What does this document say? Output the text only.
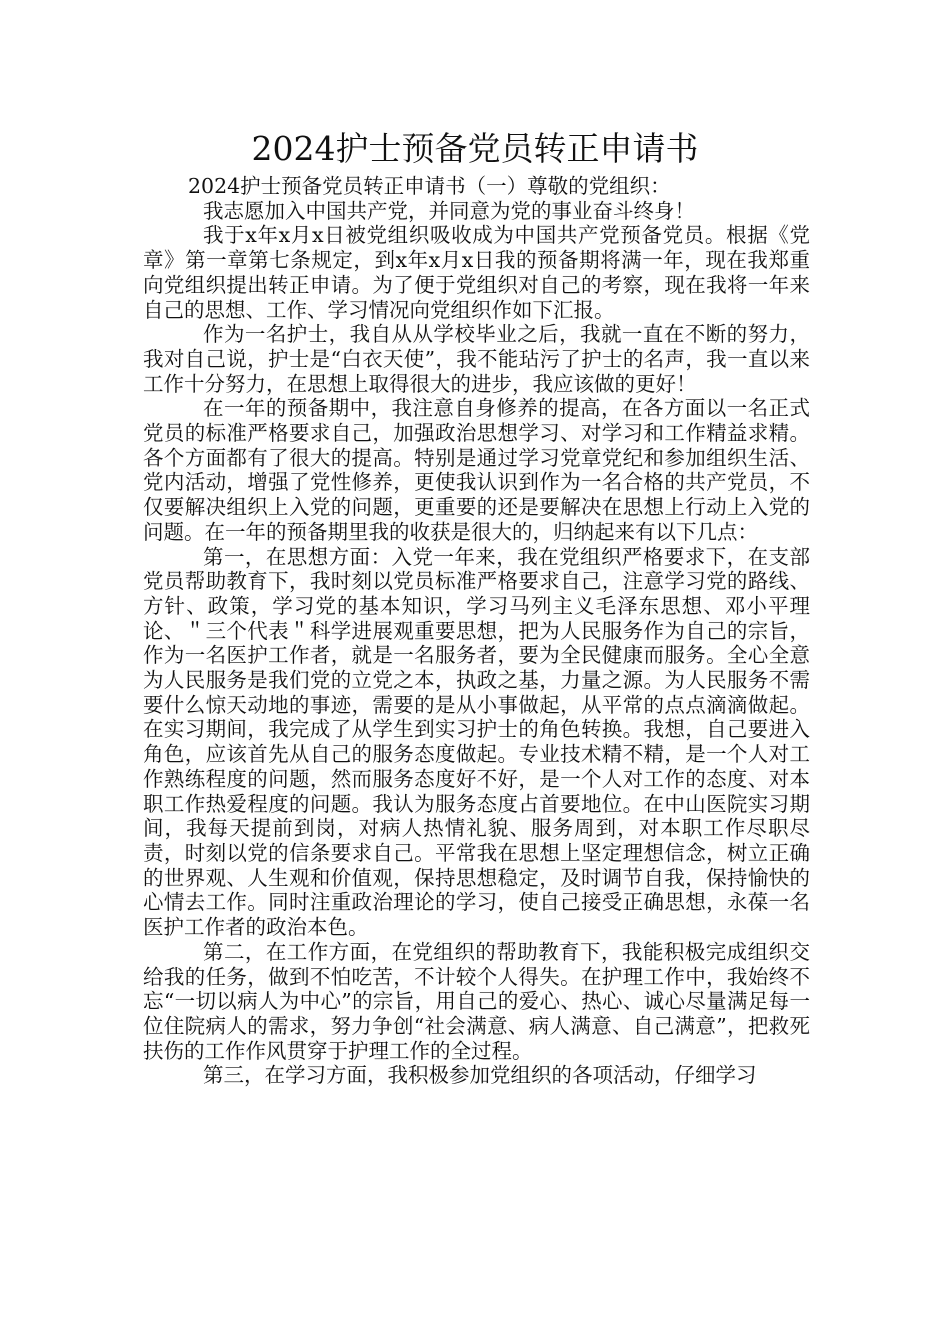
2024护士预备党员转正申请书

2024护士预备党员转正申请书（一）尊敬的党组织：

我志愿加入中国共产党，并同意为党的事业奋斗终身！

我于x年x月x日被党组织吸收成为中国共产党预备党员。根据《党章》第一章第七条规定，到x年x月x日我的预备期将满一年，现在我郑重向党组织提出转正申请。为了便于党组织对自己的考察，现在我将一年来自己的思想、工作、学习情况向党组织作如下汇报。

作为一名护士，我自从从学校毕业之后，我就一直在不断的努力，我对自己说，护士是“白衣天使”，我不能玷污了护士的名声，我一直以来工作十分努力，在思想上取得很大的进步，我应该做的更好！

在一年的预备期中，我注意自身修养的提高，在各方面以一名正式党员的标准严格要求自己，加强政治思想学习、对学习和工作精益求精。各个方面都有了很大的提高。特别是通过学习党章党纪和参加组织生活、党内活动，增强了党性修养，更使我认识到作为一名合格的共产党员，不仅要解决组织上入党的问题，更重要的还是要解决在思想上行动上入党的问题。在一年的预备期里我的收获是很大的，归纳起来有以下几点：

第一，在思想方面：入党一年来，我在党组织严格要求下，在支部党员帮助教育下，我时刻以党员标准严格要求自己，注意学习党的路线、方针、政策，学习党的基本知识，学习马列主义毛泽东思想、邓小平理论、＂三个代表＂科学进展观重要思想，把为人民服务作为自己的宗旨，作为一名医护工作者，就是一名服务者，要为全民健康而服务。全心全意为人民服务是我们党的立党之本，执政之基，力量之源。为人民服务不需要什么惊天动地的事迹，需要的是从小事做起，从平常的点点滴滴做起。在实习期间，我完成了从学生到实习护士的角色转换。我想，自己要进入角色，应该首先从自己的服务态度做起。专业技术精不精，是一个人对工作熟练程度的问题，然而服务态度好不好，是一个人对工作的态度、对本职工作热爱程度的问题。我认为服务态度占首要地位。在中山医院实习期间，我每天提前到岗，对病人热情礼貌、服务周到，对本职工作尽职尽责，时刻以党的信条要求自己。平常我在思想上坚定理想信念，树立正确的世界观、人生观和价值观，保持思想稳定，及时调节自我，保持愉快的心情去工作。同时注重政治理论的学习，使自己接受正确思想，永葆一名医护工作者的政治本色。

第二，在工作方面，在党组织的帮助教育下，我能积极完成组织交给我的任务，做到不怕吃苦，不计较个人得失。在护理工作中，我始终不忘“一切以病人为中心”的宗旨，用自己的爱心、热心、诚心尽量满足每一位住院病人的需求，努力争创“社会满意、病人满意、自己满意”，把救死扶伤的工作作风贯穿于护理工作的全过程。

第三，在学习方面，我积极参加党组织的各项活动，仔细学习
